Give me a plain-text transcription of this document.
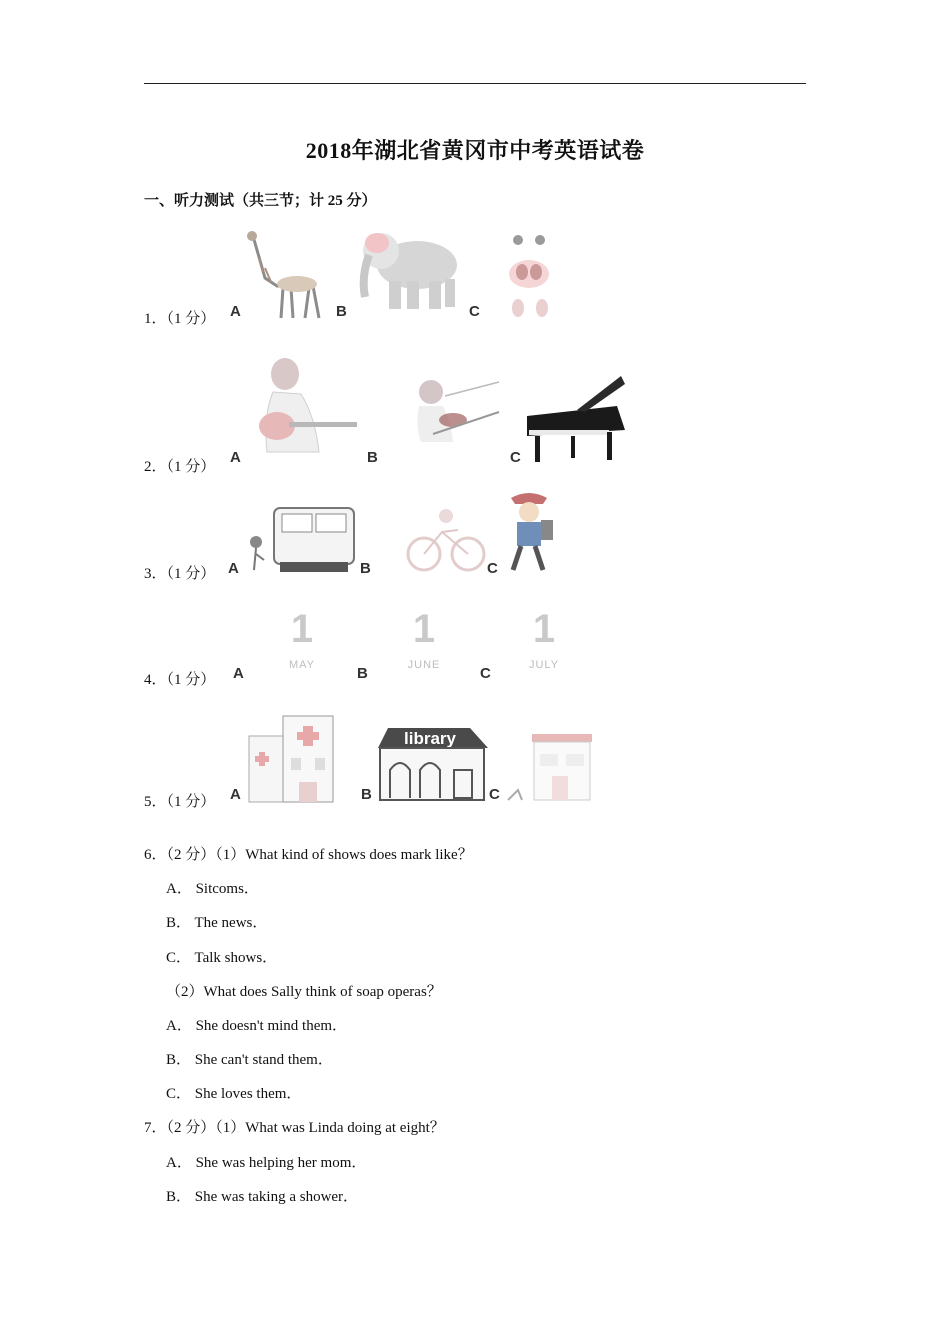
2018年湖北省黄冈市中考英语试卷
一、听力测试（共三节；计 25 分）
1．（1 分） A	B	C
2．（1 分）
A	B	C
3．（1 分） A	B	C
4．（1 分） A	B	C
1
MAY
1
JUNE
1
JULY
5．（1 分） A	B	C
library
6．（2 分）（1）What kind of shows does mark like？
A． Sitcoms．
B． The news．
C． Talk shows．
（2）What does Sally think of soap operas？
A． She doesn't mind them．
B． She can't stand them．
C． She loves them．
7．（2 分）（1）What was Linda doing at eight？
A． She was helping her mom．
B． She was taking a shower．
